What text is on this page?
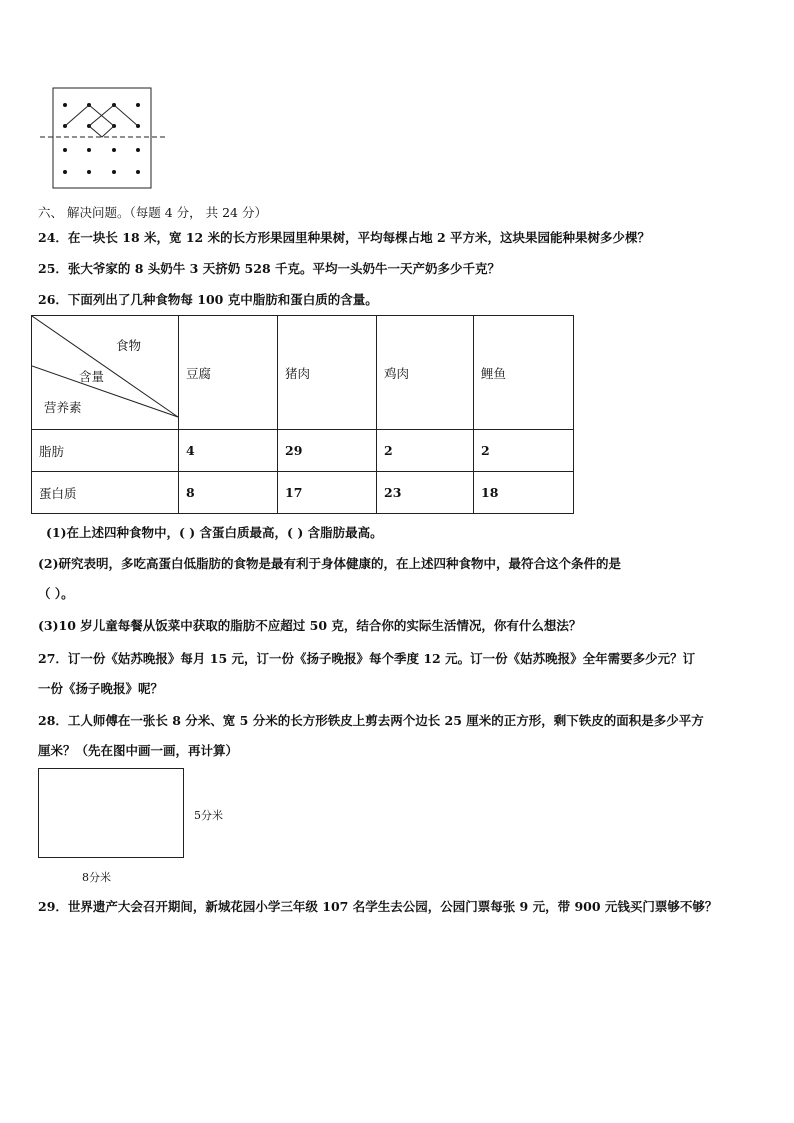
六、 解决问题。（每题 4 分， 共 24 分）
24．在一块长 18 米，宽 12 米的长方形果园里种果树，平均每棵占地 2 平方米，这块果园能种果树多少棵？
25．张大爷家的 8 头奶牛 3 天挤奶 528 千克。平均一头奶牛一天产奶多少千克？
26．下面列出了几种食物每 100 克中脂肪和蛋白质的含量。
食物
含量
营养素	豆腐	猪肉	鸡肉	鲤鱼
脂肪	4	29	2	2
蛋白质	8	17	23	18
(1)在上述四种食物中，( ) 含蛋白质最高，( ) 含脂肪最高。
(2)研究表明，多吃高蛋白低脂肪的食物是最有利于身体健康的，在上述四种食物中，最符合这个条件的是
（ ）。
(3)10 岁儿童每餐从饭菜中获取的脂肪不应超过 50 克，结合你的实际生活情况，你有什么想法？
27．订一份《姑苏晚报》每月 15 元，订一份《扬子晚报》每个季度 12 元。订一份《姑苏晚报》全年需要多少元？订
一份《扬子晚报》呢？
28．工人师傅在一张长 8 分米、宽 5 分米的长方形铁皮上剪去两个边长 25 厘米的正方形，剩下铁皮的面积是多少平方
厘米？（先在图中画一画，再计算）
5分米
8分米
29．世界遗产大会召开期间，新城花园小学三年级 107 名学生去公园，公园门票每张 9 元，带 900 元钱买门票够不够？
